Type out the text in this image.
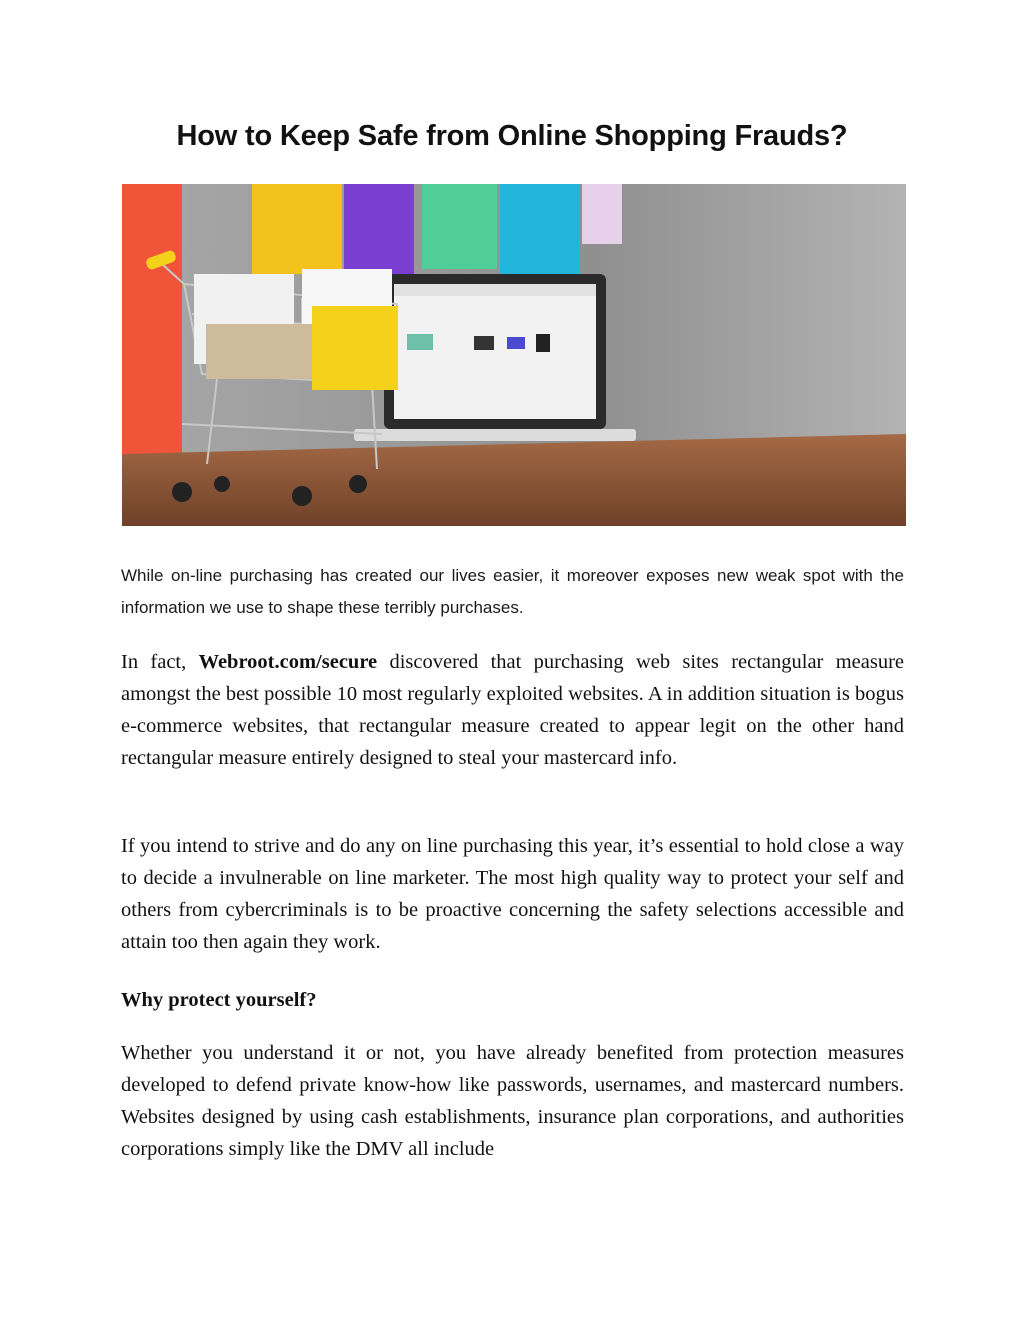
How to Keep Safe from Online Shopping Frauds?
While on-line purchasing has created our lives easier, it moreover exposes new weak spot with the information we use to shape these terribly purchases.
In fact, Webroot.com/secure discovered that purchasing web sites rectangular measure amongst the best possible 10 most regularly exploited websites. A in addition situation is bogus e-commerce websites, that rectangular measure created to appear legit on the other hand rectangular measure entirely designed to steal your mastercard info.
If you intend to strive and do any on line purchasing this year, it’s essential to hold close a way to decide a invulnerable on line marketer. The most high quality way to protect your self and others from cybercriminals is to be proactive concerning the safety selections accessible and attain too then again they work.
Why protect yourself?
Whether you understand it or not, you have already benefited from protection measures developed to defend private know-how like passwords, usernames, and mastercard numbers. Websites designed by using cash establishments, insurance plan corporations, and authorities corporations simply like the DMV all include
